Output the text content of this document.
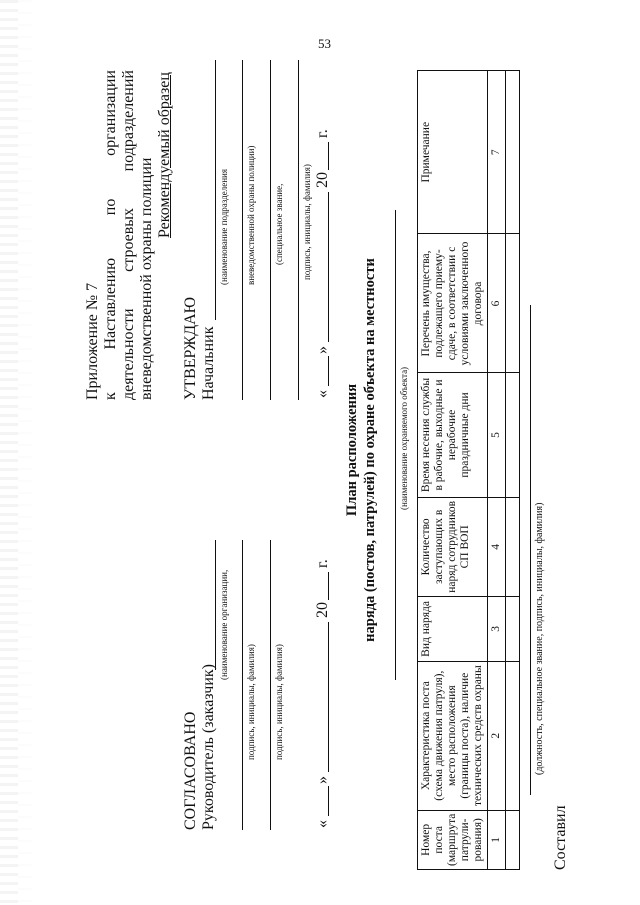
53
Приложение № 7 к Наставлению по организации деятельности строевых подразделений вневедомственной охраны полиции
Рекомендуемый образец
УТВЕРЖДАЮ Начальник
(наименование подразделения вневедомственной охраны полиции) (специальное звание, подпись, инициалы, фамилия)
«
»
20
г.
СОГЛАСОВАНО Руководитель (заказчик)
(наименование организации,
подпись, инициалы, фамилия) подпись, инициалы, фамилия)
«
»
20
г.
План расположения наряда (постов, патрулей) по охране объекта на местности (наименование охраняемого объекта)
Номер поста (маршрута патрули-рования)	Характеристика поста (схема движения патруля), место расположения (границы поста), наличие технических средств охраны	Вид наряда	Количество заступающих в наряд сотрудников СП ВОП	Время несения службы в рабочие, выходные и нерабочие праздничные дни	Перечень имущества, подлежащего приему-сдаче, в соответствии с условиями заключенного договора	Примечание
1	2	3	4	5	6	7

Составил
(должность, специальное звание, подпись, инициалы, фамилия)
